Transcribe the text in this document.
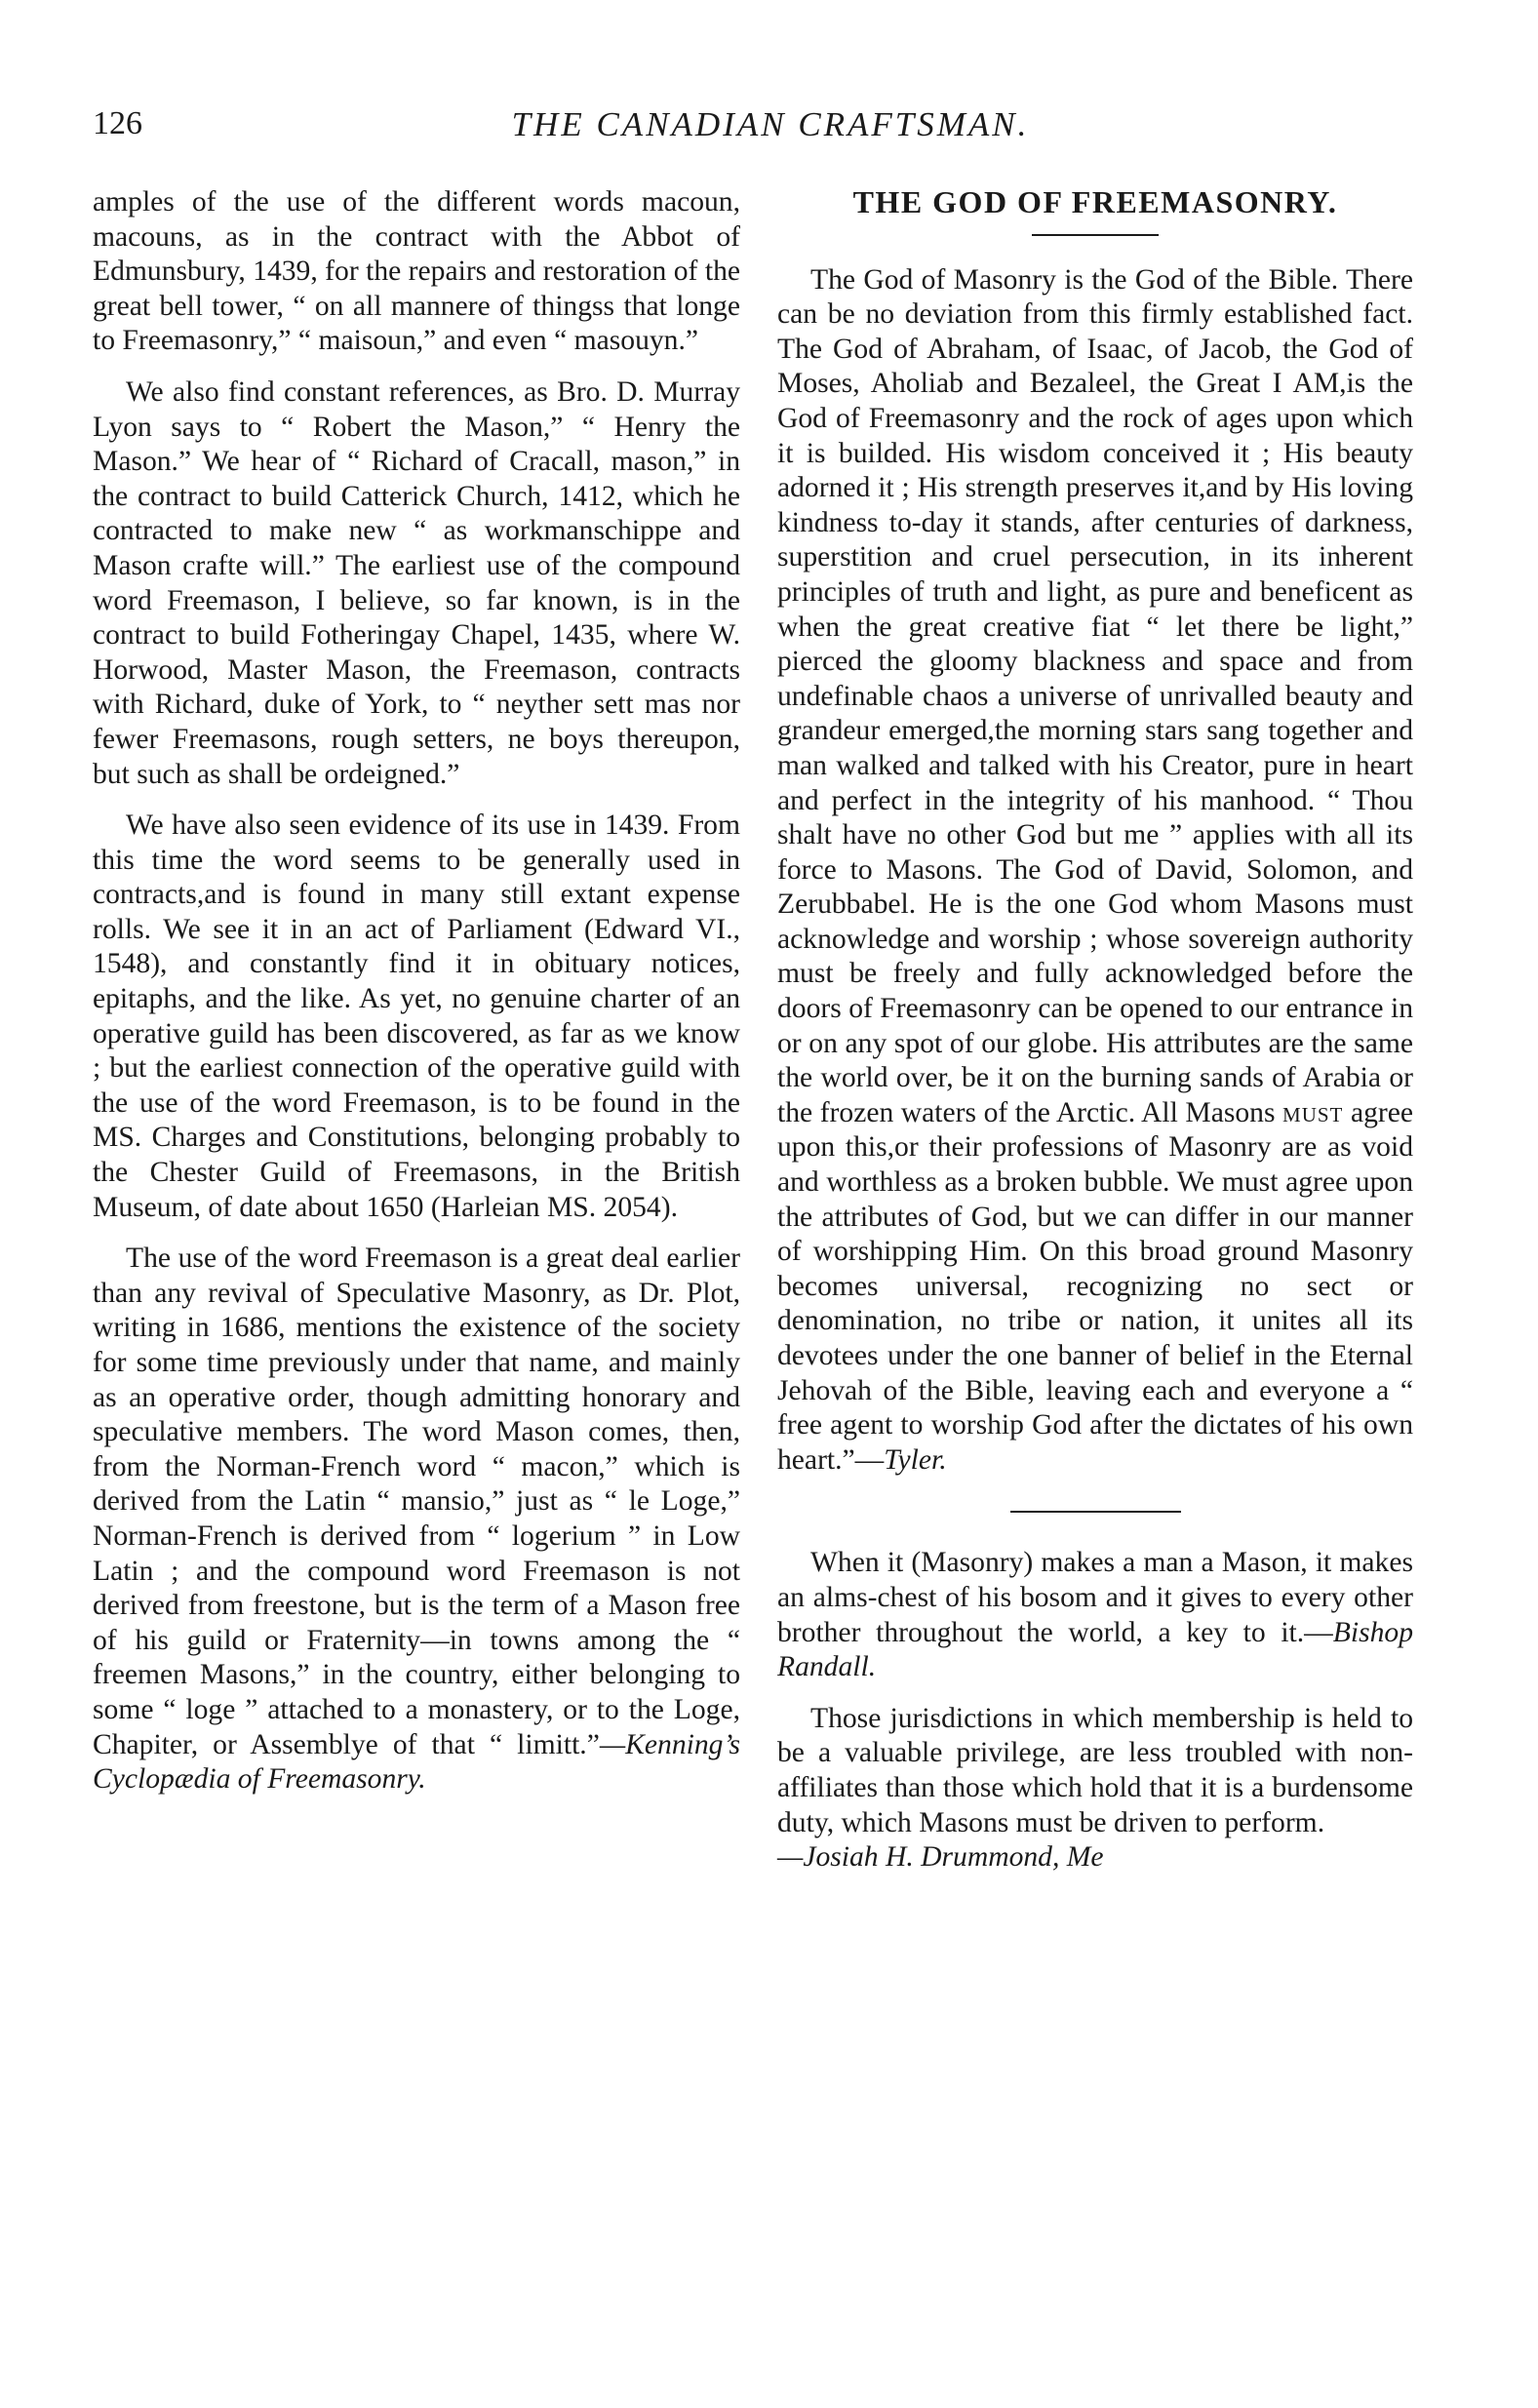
126	THE CANADIAN CRAFTSMAN.

amples of the use of the different words macoun, macouns, as in the contract with the Abbot of Edmunsbury, 1439, for the repairs and restoration of the great bell tower, “ on all mannere of thingss that longe to Freemasonry,” “ maisoun,” and even “ masouyn.”

We also find constant references, as Bro. D. Murray Lyon says to “ Robert the Mason,” “ Henry the Mason.” We hear of “ Richard of Cracall, mason,” in the contract to build Catterick Church, 1412, which he contracted to make new “ as workmanschippe and Mason crafte will.” The earliest use of the compound word Freemason, I believe, so far known, is in the contract to build Fotheringay Chapel, 1435, where W. Horwood, Master Mason, the Freemason, contracts with Richard, duke of York, to “ neyther sett mas nor fewer Freemasons, rough setters, ne boys thereupon, but such as shall be ordeigned.”

We have also seen evidence of its use in 1439. From this time the word seems to be generally used in contracts,and is found in many still extant expense rolls. We see it in an act of Parliament (Edward VI., 1548), and constantly find it in obituary notices, epitaphs, and the like. As yet, no genuine charter of an operative guild has been discovered, as far as we know ; but the earliest connection of the operative guild with the use of the word Freemason, is to be found in the MS. Charges and Constitutions, belonging probably to the Chester Guild of Freemasons, in the British Museum, of date about 1650 (Harleian MS. 2054).

The use of the word Freemason is a great deal earlier than any revival of Speculative Masonry, as Dr. Plot, writing in 1686, mentions the existence of the society for some time previously under that name, and mainly as an operative order, though admitting honorary and speculative members. The word Mason comes, then, from the Norman-French word “ macon,” which is derived from the Latin “ mansio,” just as “ le Loge,” Norman-French is derived from “ logerium ” in Low Latin ; and the compound word Freemason is not derived from freestone, but is the term of a Mason free of his guild or Fraternity—in towns among the “ freemen Masons,” in the country, either belonging to some “ loge ” attached to a monastery, or to the Loge, Chapiter, or Assemblye of that “ limitt.”—Kenning’s Cyclopædia of Freemasonry.

THE GOD OF FREEMASONRY.

The God of Masonry is the God of the Bible. There can be no deviation from this firmly established fact. The God of Abraham, of Isaac, of Jacob, the God of Moses, Aholiab and Bezaleel, the Great I AM,is the God of Freemasonry and the rock of ages upon which it is builded. His wisdom conceived it ; His beauty adorned it ; His strength preserves it,and by His loving kindness to-day it stands, after centuries of darkness, superstition and cruel persecution, in its inherent principles of truth and light, as pure and beneficent as when the great creative fiat “ let there be light,” pierced the gloomy blackness and space and from undefinable chaos a universe of unrivalled beauty and grandeur emerged,the morning stars sang together and man walked and talked with his Creator, pure in heart and perfect in the integrity of his manhood. “ Thou shalt have no other God but me ” applies with all its force to Masons. The God of David, Solomon, and Zerubbabel. He is the one God whom Masons must acknowledge and worship ; whose sovereign authority must be freely and fully acknowledged before the doors of Freemasonry can be opened to our entrance in or on any spot of our globe. His attributes are the same the world over, be it on the burning sands of Arabia or the frozen waters of the Arctic. All Masons must agree upon this,or their professions of Masonry are as void and worthless as a broken bubble. We must agree upon the attributes of God, but we can differ in our manner of worshipping Him. On this broad ground Masonry becomes universal, recognizing no sect or denomination, no tribe or nation, it unites all its devotees under the one banner of belief in the Eternal Jehovah of the Bible, leaving each and everyone a “ free agent to worship God after the dictates of his own heart.”—Tyler.

When it (Masonry) makes a man a Mason, it makes an alms-chest of his bosom and it gives to every other brother throughout the world, a key to it.—Bishop Randall.

Those jurisdictions in which membership is held to be a valuable privilege, are less troubled with non-affiliates than those which hold that it is a burdensome duty, which Masons must be driven to perform.
—Josiah H. Drummond, Me
